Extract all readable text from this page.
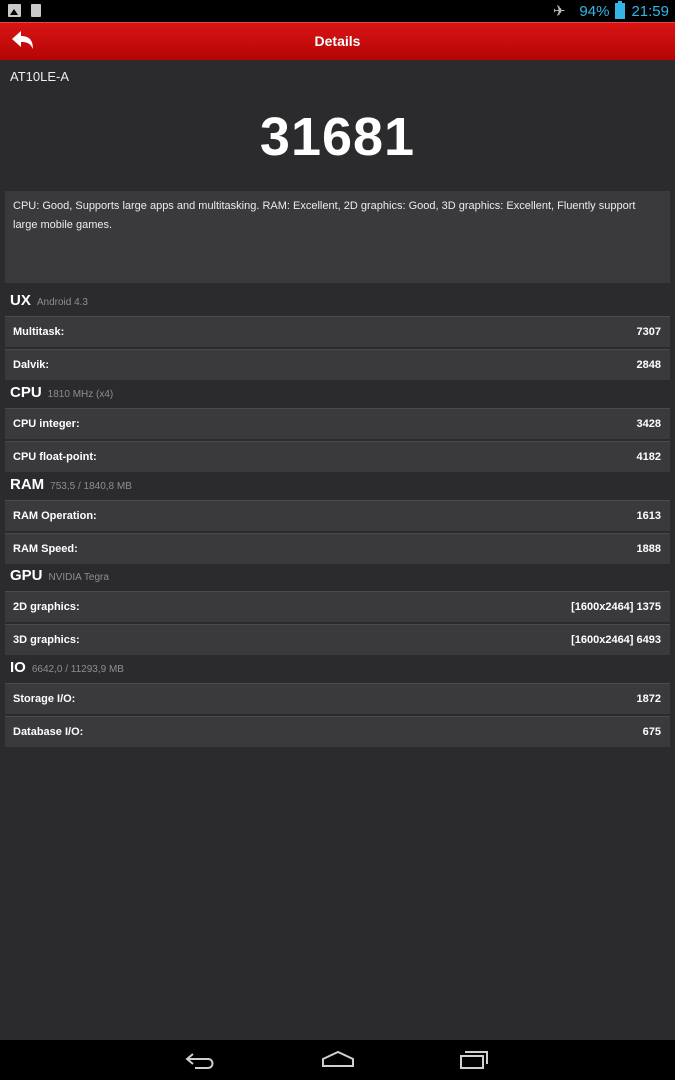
✈ 94% 21:59
Details
AT10LE-A
31681
CPU: Good, Supports large apps and multitasking. RAM: Excellent, 2D graphics: Good, 3D graphics: Excellent, Fluently support large mobile games.
UX Android 4.3
Multitask:	7307
Dalvik:	2848
CPU 1810 MHz (x4)
CPU integer:	3428
CPU float-point:	4182
RAM 753,5 / 1840,8 MB
RAM Operation:	1613
RAM Speed:	1888
GPU NVIDIA Tegra
2D graphics:	[1600x2464] 1375
3D graphics:	[1600x2464] 6493
IO 6642,0 / 11293,9 MB
Storage I/O:	1872
Database I/O:	675
